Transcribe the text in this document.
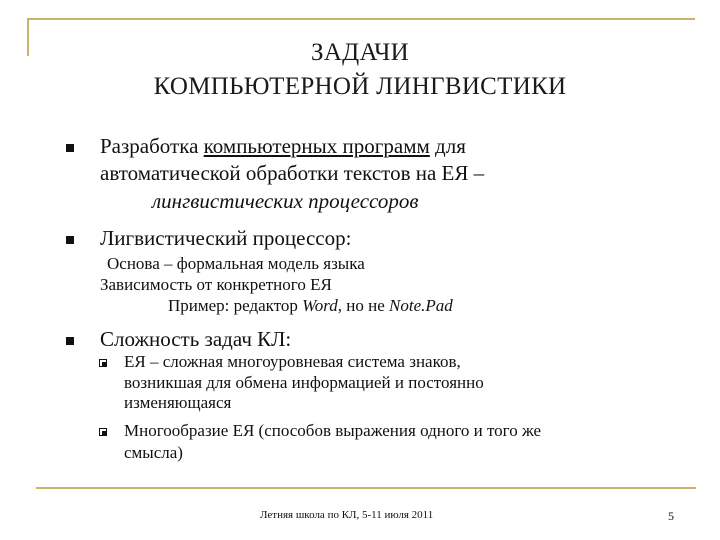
ЗАДАЧИ
КОМПЬЮТЕРНОЙ ЛИНГВИСТИКИ
Разработка компьютерных программ для
автоматической обработки текстов на ЕЯ –
лингвистических процессоров
Лигвистический процессор:
Основа – формальная модель языка
Зависимость от конкретного ЕЯ
Пример: редактор Word, но не Note.Pad
Сложность задач КЛ:
ЕЯ – сложная многоуровневая система знаков,
возникшая для обмена информацией и постоянно
изменяющаяся
Многообразие ЕЯ (способов выражения одного и того же
смысла)
Летняя школа по КЛ, 5-11 июля 2011	5
